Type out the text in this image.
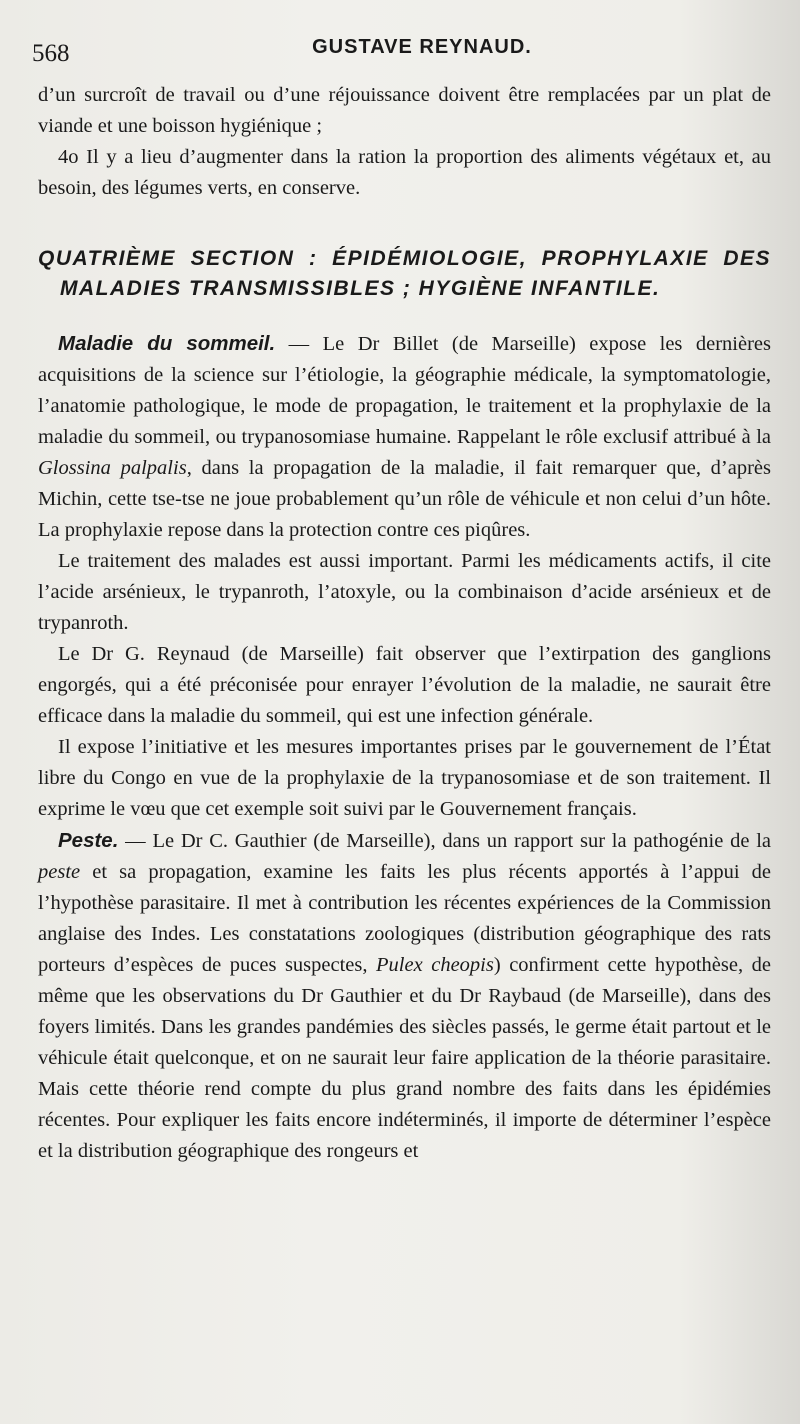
568	GUSTAVE REYNAUD.

d’un surcroît de travail ou d’une réjouissance doivent être remplacées par un plat de viande et une boisson hygiénique ;

4o Il y a lieu d’augmenter dans la ration la proportion des aliments végétaux et, au besoin, des légumes verts, en conserve.

QUATRIÈME SECTION : ÉPIDÉMIOLOGIE, PROPHYLAXIE DES MALADIES TRANSMISSIBLES ; HYGIÈNE INFANTILE.

Maladie du sommeil. — Le Dr Billet (de Marseille) expose les dernières acquisitions de la science sur l’étiologie, la géographie médicale, la symptomatologie, l’anatomie pathologique, le mode de propagation, le traitement et la prophylaxie de la maladie du sommeil, ou trypanosomiase humaine. Rappelant le rôle exclusif attribué à la Glossina palpalis, dans la propagation de la maladie, il fait remarquer que, d’après Michin, cette tse-tse ne joue probablement qu’un rôle de véhicule et non celui d’un hôte. La prophylaxie repose dans la protection contre ces piqûres.

Le traitement des malades est aussi important. Parmi les médicaments actifs, il cite l’acide arsénieux, le trypanroth, l’atoxyle, ou la combinaison d’acide arsénieux et de trypanroth.

Le Dr G. Reynaud (de Marseille) fait observer que l’extirpation des ganglions engorgés, qui a été préconisée pour enrayer l’évolution de la maladie, ne saurait être efficace dans la maladie du sommeil, qui est une infection générale.

Il expose l’initiative et les mesures importantes prises par le gouvernement de l’État libre du Congo en vue de la prophylaxie de la trypanosomiase et de son traitement. Il exprime le vœu que cet exemple soit suivi par le Gouvernement français.

Peste. — Le Dr C. Gauthier (de Marseille), dans un rapport sur la pathogénie de la peste et sa propagation, examine les faits les plus récents apportés à l’appui de l’hypothèse parasitaire. Il met à contribution les récentes expériences de la Commission anglaise des Indes. Les constatations zoologiques (distribution géographique des rats porteurs d’espèces de puces suspectes, Pulex cheopis) confirment cette hypothèse, de même que les observations du Dr Gauthier et du Dr Raybaud (de Marseille), dans des foyers limités. Dans les grandes pandémies des siècles passés, le germe était partout et le véhicule était quelconque, et on ne saurait leur faire application de la théorie parasitaire. Mais cette théorie rend compte du plus grand nombre des faits dans les épidémies récentes. Pour expliquer les faits encore indéterminés, il importe de déterminer l’espèce et la distribution géographique des rongeurs et
